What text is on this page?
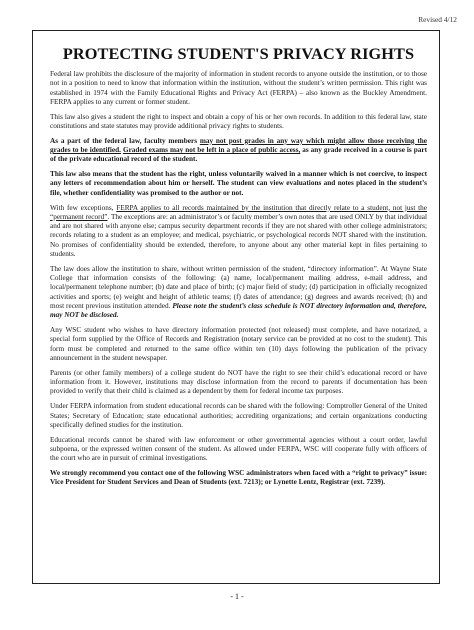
Revised 4/12
PROTECTING STUDENT'S PRIVACY RIGHTS

Federal law prohibits the disclosure of the majority of information in student records to anyone outside the institution, or to those not in a position to need to know that information within the institution, without the student’s written permission. This right was established in 1974 with the Family Educational Rights and Privacy Act (FERPA) – also known as the Buckley Amendment. FERPA applies to any current or former student.

This law also gives a student the right to inspect and obtain a copy of his or her own records. In addition to this federal law, state constitutions and state statutes may provide additional privacy rights to students.

As a part of the federal law, faculty members may not post grades in any way which might allow those receiving the grades to be identified. Graded exams may not be left in a place of public access, as any grade received in a course is part of the private educational record of the student.

This law also means that the student has the right, unless voluntarily waived in a manner which is not coercive, to inspect any letters of recommendation about him or herself. The student can view evaluations and notes placed in the student’s file, whether confidentiality was promised to the author or not.

With few exceptions, FERPA applies to all records maintained by the institution that directly relate to a student, not just the “permanent record”. The exceptions are: an administrator’s or faculty member’s own notes that are used ONLY by that individual and are not shared with anyone else; campus security department records if they are not shared with other college administrators; records relating to a student as an employee; and medical, psychiatric, or psychological records NOT shared with the institution. No promises of confidentiality should be extended, therefore, to anyone about any other material kept in files pertaining to students.

The law does allow the institution to share, without written permission of the student, “directory information”. At Wayne State College that information consists of the following: (a) name, local/permanent mailing address, e-mail address, and local/permanent telephone number; (b) date and place of birth; (c) major field of study; (d) participation in officially recognized activities and sports; (e) weight and height of athletic teams; (f) dates of attendance; (g) degrees and awards received; (h) and most recent previous institution attended. Please note the student’s class schedule is NOT directory information and, therefore, may NOT be disclosed.

Any WSC student who wishes to have directory information protected (not released) must complete, and have notarized, a special form supplied by the Office of Records and Registration (notary service can be provided at no cost to the student). This form must be completed and returned to the same office within ten (10) days following the publication of the privacy announcement in the student newspaper.

Parents (or other family members) of a college student do NOT have the right to see their child’s educational record or have information from it. However, institutions may disclose information from the record to parents if documentation has been provided to verify that their child is claimed as a dependent by them for federal income tax purposes.

Under FERPA information from student educational records can be shared with the following: Comptroller General of the United States; Secretary of Education; state educational authorities; accrediting organizations; and certain organizations conducting specifically defined studies for the institution.

Educational records cannot be shared with law enforcement or other governmental agencies without a court order, lawful subpoena, or the expressed written consent of the student. As allowed under FERPA, WSC will cooperate fully with officers of the court who are in pursuit of criminal investigations.

We strongly recommend you contact one of the following WSC administrators when faced with a “right to privacy” issue: Vice President for Student Services and Dean of Students (ext. 7213); or Lynette Lentz, Registrar (ext. 7239).

- 1 -
